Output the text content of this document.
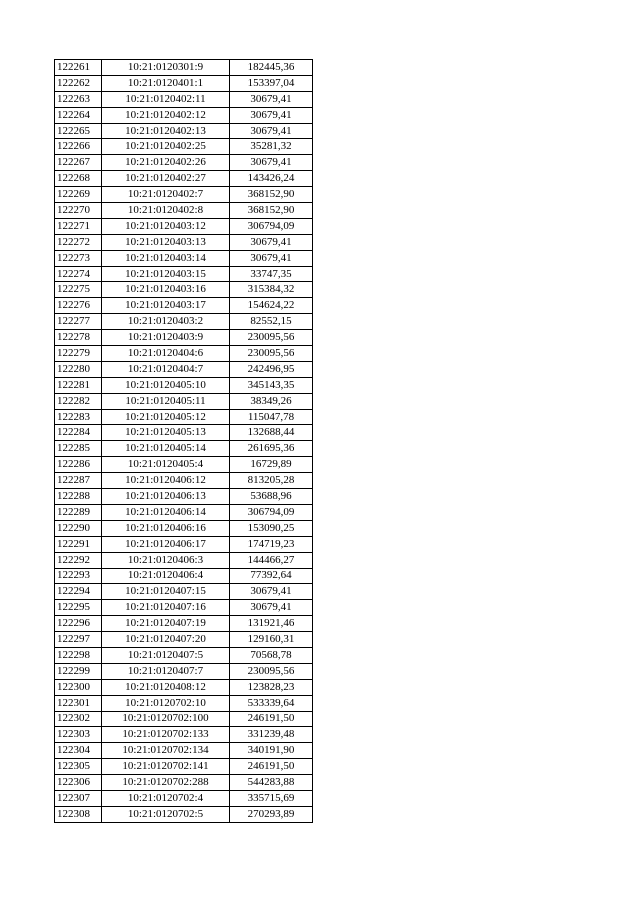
122261	10:21:0120301:9	182445,36
122262	10:21:0120401:1	153397,04
122263	10:21:0120402:11	30679,41
122264	10:21:0120402:12	30679,41
122265	10:21:0120402:13	30679,41
122266	10:21:0120402:25	35281,32
122267	10:21:0120402:26	30679,41
122268	10:21:0120402:27	143426,24
122269	10:21:0120402:7	368152,90
122270	10:21:0120402:8	368152,90
122271	10:21:0120403:12	306794,09
122272	10:21:0120403:13	30679,41
122273	10:21:0120403:14	30679,41
122274	10:21:0120403:15	33747,35
122275	10:21:0120403:16	315384,32
122276	10:21:0120403:17	154624,22
122277	10:21:0120403:2	82552,15
122278	10:21:0120403:9	230095,56
122279	10:21:0120404:6	230095,56
122280	10:21:0120404:7	242496,95
122281	10:21:0120405:10	345143,35
122282	10:21:0120405:11	38349,26
122283	10:21:0120405:12	115047,78
122284	10:21:0120405:13	132688,44
122285	10:21:0120405:14	261695,36
122286	10:21:0120405:4	16729,89
122287	10:21:0120406:12	813205,28
122288	10:21:0120406:13	53688,96
122289	10:21:0120406:14	306794,09
122290	10:21:0120406:16	153090,25
122291	10:21:0120406:17	174719,23
122292	10:21:0120406:3	144466,27
122293	10:21:0120406:4	77392,64
122294	10:21:0120407:15	30679,41
122295	10:21:0120407:16	30679,41
122296	10:21:0120407:19	131921,46
122297	10:21:0120407:20	129160,31
122298	10:21:0120407:5	70568,78
122299	10:21:0120407:7	230095,56
122300	10:21:0120408:12	123828,23
122301	10:21:0120702:10	533339,64
122302	10:21:0120702:100	246191,50
122303	10:21:0120702:133	331239,48
122304	10:21:0120702:134	340191,90
122305	10:21:0120702:141	246191,50
122306	10:21:0120702:288	544283,88
122307	10:21:0120702:4	335715,69
122308	10:21:0120702:5	270293,89
